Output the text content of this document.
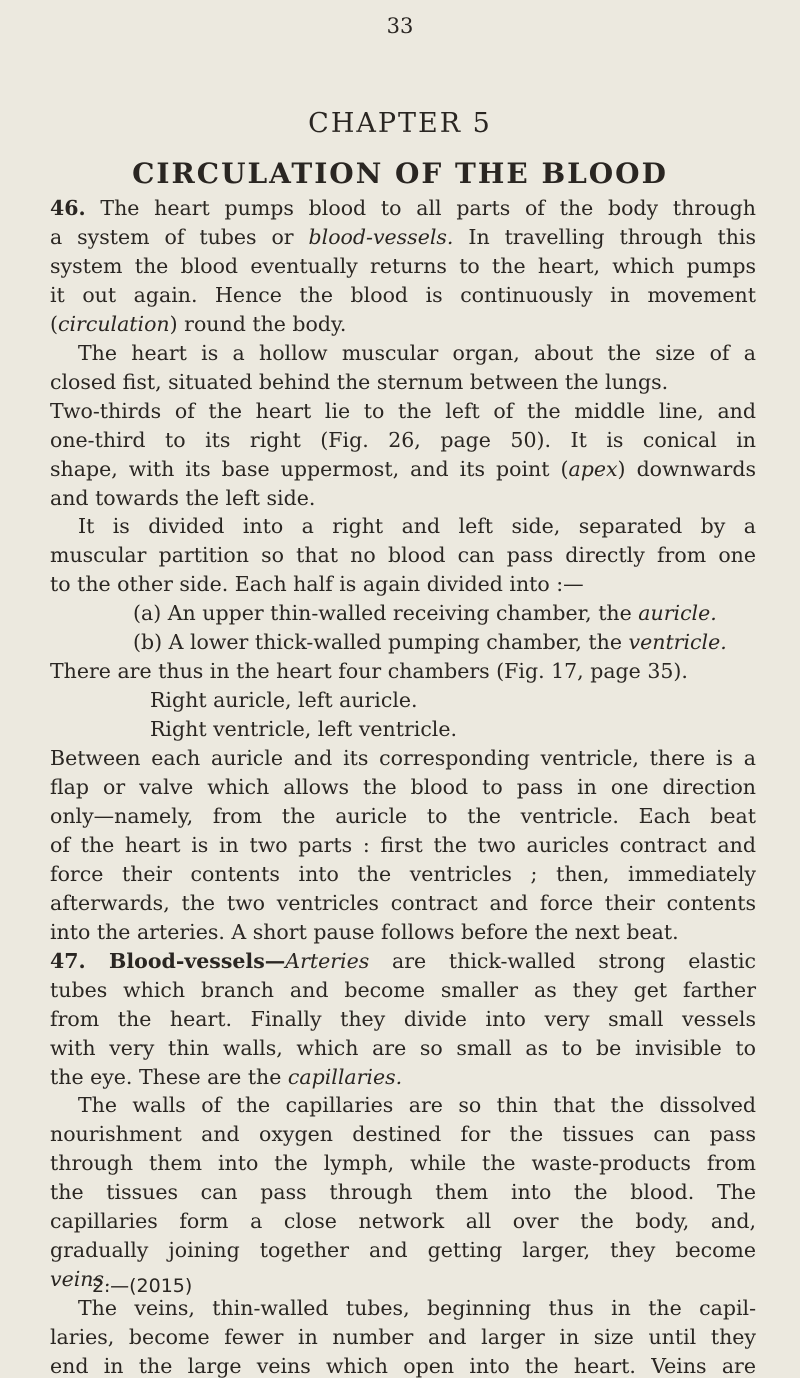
33
CHAPTER 5
CIRCULATION OF THE BLOOD
46. The heart pumps blood to all parts of the body through
a system of tubes or blood-vessels. In travelling through this
system the blood eventually returns to the heart, which pumps
it out again. Hence the blood is continuously in movement
(circulation) round the body.
The heart is a hollow muscular organ, about the size of a
closed fist, situated behind the sternum between the lungs.
Two-thirds of the heart lie to the left of the middle line, and
one-third to its right (Fig. 26, page 50). It is conical in
shape, with its base uppermost, and its point (apex) downwards
and towards the left side.
It is divided into a right and left side, separated by a
muscular partition so that no blood can pass directly from one
to the other side. Each half is again divided into :—
(a) An upper thin-walled receiving chamber, the auricle.
(b) A lower thick-walled pumping chamber, the ventricle.
There are thus in the heart four chambers (Fig. 17, page 35).
Right auricle, left auricle.
Right ventricle, left ventricle.
Between each auricle and its corresponding ventricle, there is a
flap or valve which allows the blood to pass in one direction
only—namely, from the auricle to the ventricle. Each beat
of the heart is in two parts : first the two auricles contract and
force their contents into the ventricles ; then, immediately
afterwards, the two ventricles contract and force their contents
into the arteries. A short pause follows before the next beat.
47. Blood-vessels—Arteries are thick-walled strong elastic
tubes which branch and become smaller as they get farther
from the heart. Finally they divide into very small vessels
with very thin walls, which are so small as to be invisible to
the eye. These are the capillaries.
The walls of the capillaries are so thin that the dissolved
nourishment and oxygen destined for the tissues can pass
through them into the lymph, while the waste-products from
the tissues can pass through them into the blood. The
capillaries form a close network all over the body, and,
gradually joining together and getting larger, they become
veins.
The veins, thin-walled tubes, beginning thus in the capil-
laries, become fewer in number and larger in size until they
end in the large veins which open into the heart. Veins are
2.—(2015)
